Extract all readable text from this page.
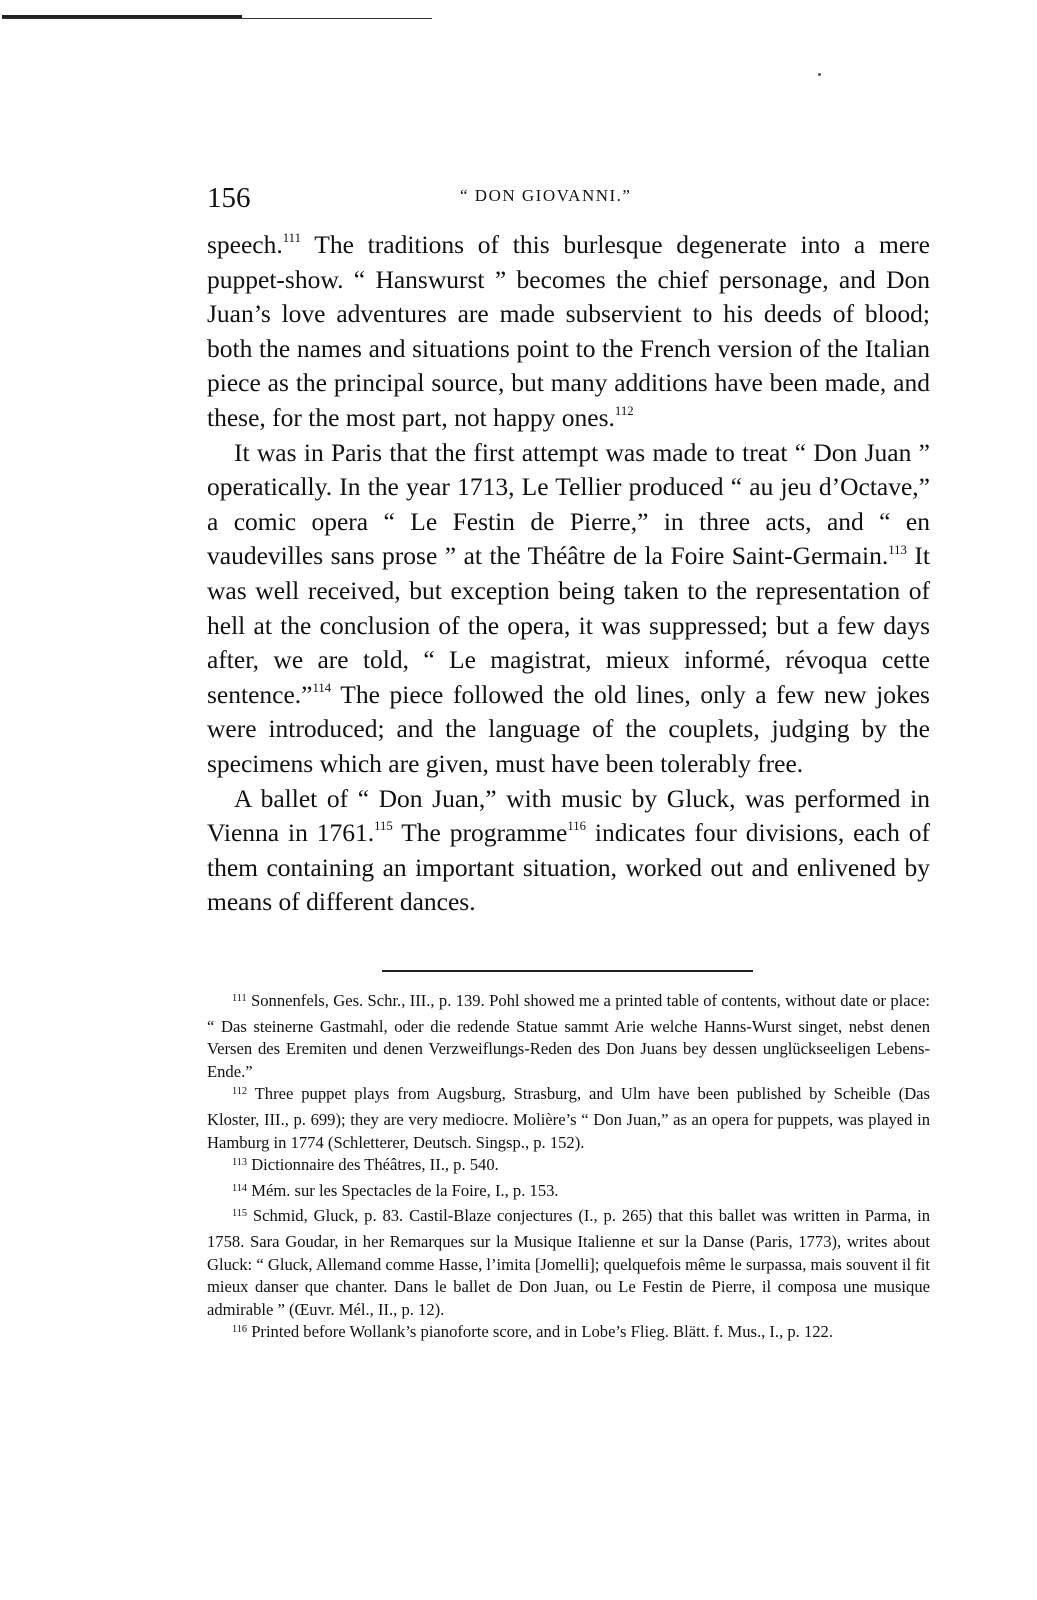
156	“ DON GIOVANNI.”

speech.$^{111}$ The traditions of this burlesque degenerate into a mere puppet-show. “ Hanswurst ” becomes the chief personage, and Don Juan’s love adventures are made subservient to his deeds of blood; both the names and situations point to the French version of the Italian piece as the principal source, but many additions have been made, and these, for the most part, not happy ones.$^{112}$

It was in Paris that the first attempt was made to treat “ Don Juan ” operatically. In the year 1713, Le Tellier produced “ au jeu d’Octave,” a comic opera “ Le Festin de Pierre,” in three acts, and “ en vaudevilles sans prose ” at the Théâtre de la Foire Saint-Germain.$^{113}$ It was well received, but exception being taken to the representation of hell at the conclusion of the opera, it was suppressed; but a few days after, we are told, “ Le magistrat, mieux informé, révoqua cette sentence.”$^{114}$ The piece followed the old lines, only a few new jokes were introduced; and the language of the couplets, judging by the specimens which are given, must have been tolerably free.

A ballet of “ Don Juan,” with music by Gluck, was performed in Vienna in 1761.$^{115}$ The programme$^{116}$ indicates four divisions, each of them containing an important situation, worked out and enlivened by means of different dances.

$^{111}$ Sonnenfels, Ges. Schr., III., p. 139. Pohl showed me a printed table of contents, without date or place: “ Das steinerne Gastmahl, oder die redende Statue sammt Arie welche Hanns-Wurst singet, nebst denen Versen des Eremiten und denen Verzweiflungs-Reden des Don Juans bey dessen unglückseeligen Lebens-Ende.”

$^{112}$ Three puppet plays from Augsburg, Strasburg, and Ulm have been published by Scheible (Das Kloster, III., p. 699); they are very mediocre. Molière’s “ Don Juan,” as an opera for puppets, was played in Hamburg in 1774 (Schletterer, Deutsch. Singsp., p. 152).

$^{113}$ Dictionnaire des Théâtres, II., p. 540.

$^{114}$ Mém. sur les Spectacles de la Foire, I., p. 153.

$^{115}$ Schmid, Gluck, p. 83. Castil-Blaze conjectures (I., p. 265) that this ballet was written in Parma, in 1758. Sara Goudar, in her Remarques sur la Musique Italienne et sur la Danse (Paris, 1773), writes about Gluck: “ Gluck, Allemand comme Hasse, l’imita [Jomelli]; quelquefois même le surpassa, mais souvent il fit mieux danser que chanter. Dans le ballet de Don Juan, ou Le Festin de Pierre, il composa une musique admirable ” (Œuvr. Mél., II., p. 12).

$^{116}$ Printed before Wollank’s pianoforte score, and in Lobe’s Flieg. Blätt. f. Mus., I., p. 122.
